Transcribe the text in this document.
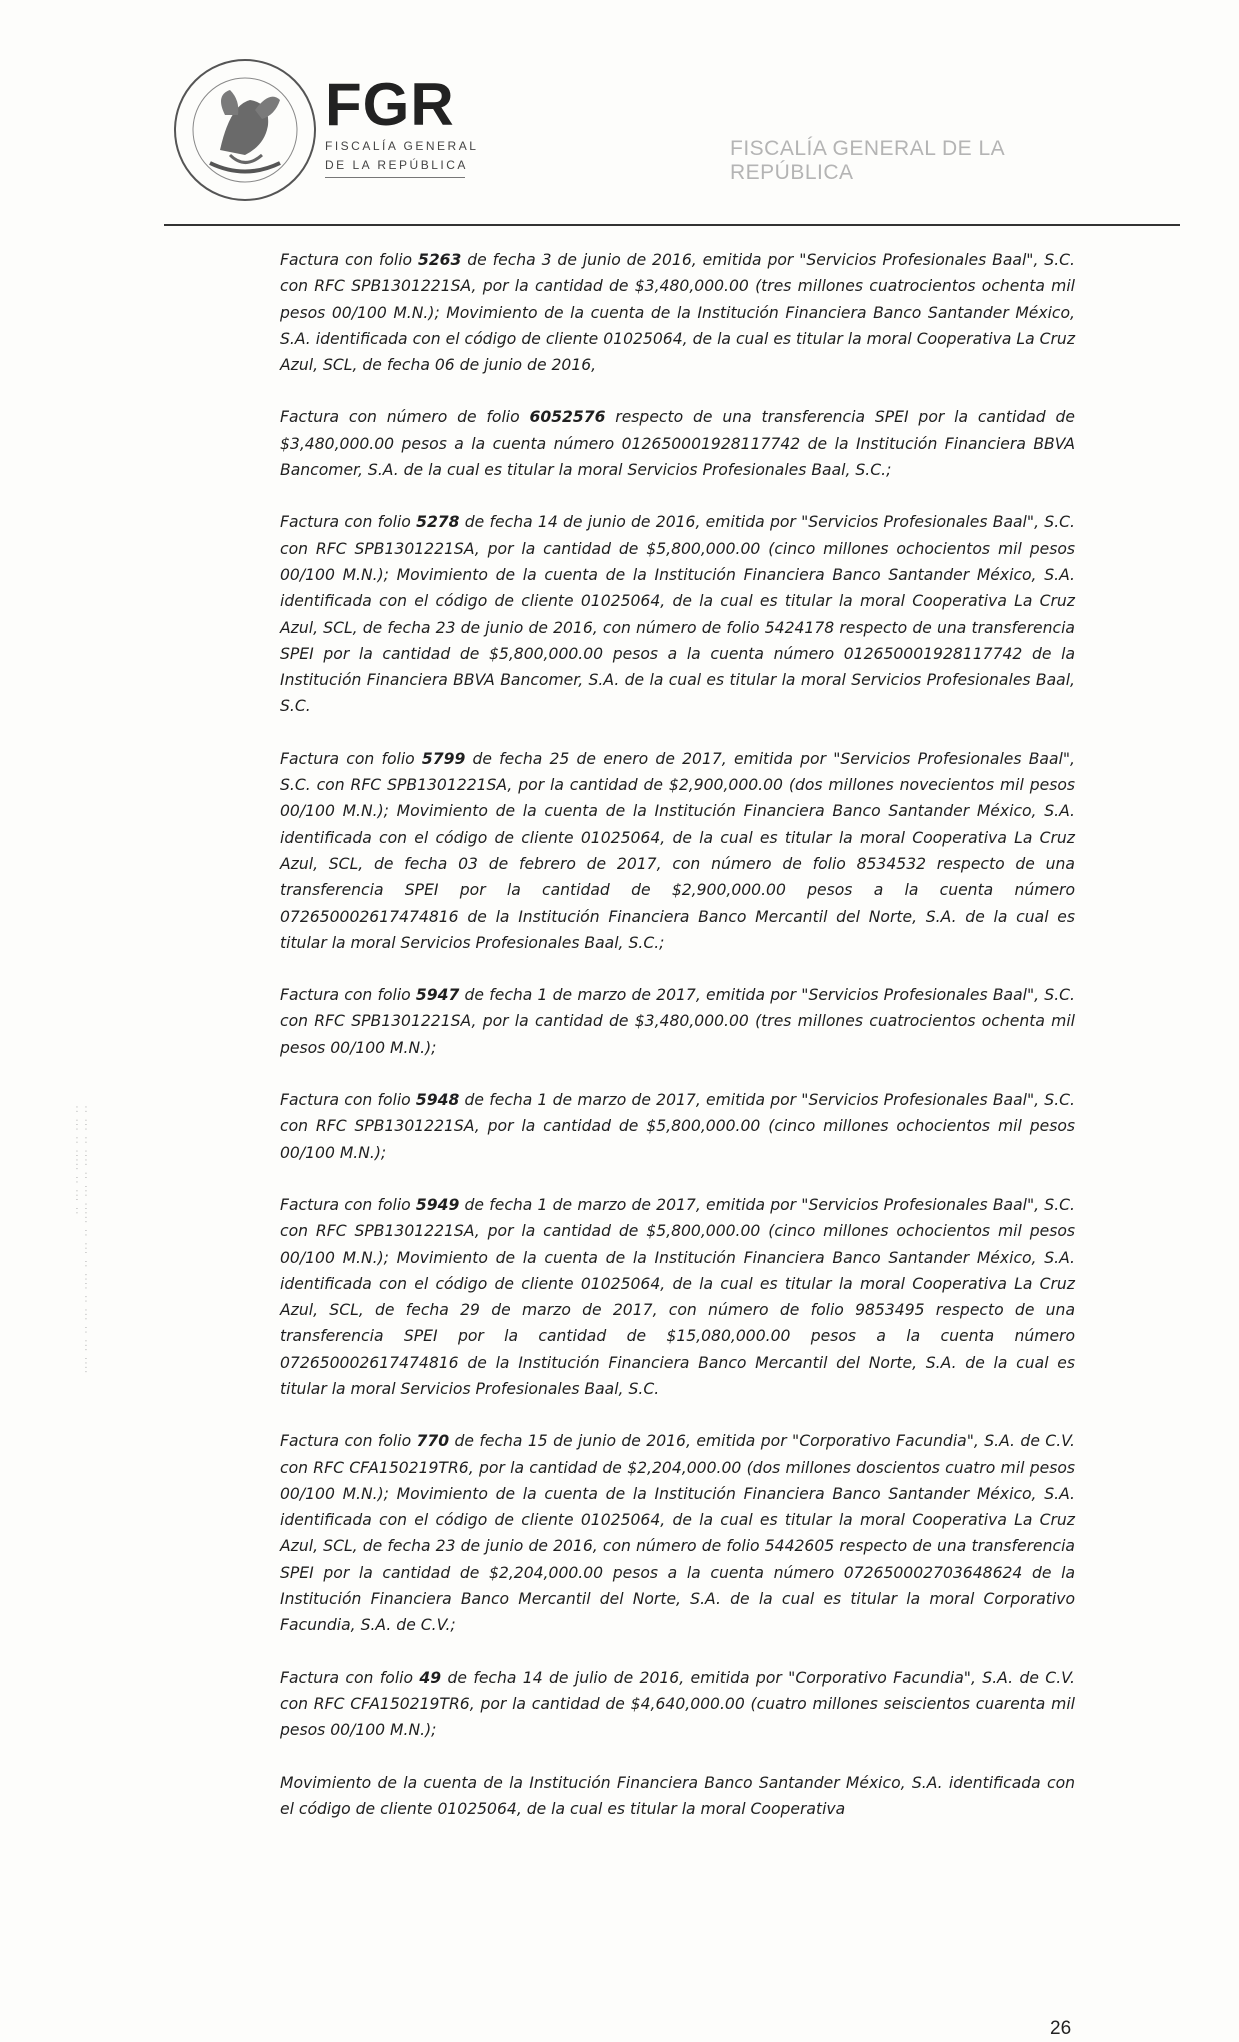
FGR
FISCALÍA GENERAL
DE LA REPÚBLICA
FISCALÍA GENERAL DE LA REPÚBLICA
·· ··· ·· ···· ·· ··· ····· ·· ··· ·· ···· ·· ··· ·· ··· ···· ·· ··· ·· ····· ·· ··· ··

Factura con folio 5263 de fecha 3 de junio de 2016, emitida por "Servicios Profesionales Baal", S.C. con RFC SPB1301221SA, por la cantidad de $3,480,000.00 (tres millones cuatrocientos ochenta mil pesos 00/100 M.N.); Movimiento de la cuenta de la Institución Financiera Banco Santander México, S.A. identificada con el código de cliente 01025064, de la cual es titular la moral Cooperativa La Cruz Azul, SCL, de fecha 06 de junio de 2016,

Factura con número de folio 6052576 respecto de una transferencia SPEI por la cantidad de $3,480,000.00 pesos a la cuenta número 012650001928117742 de la Institución Financiera BBVA Bancomer, S.A. de la cual es titular la moral Servicios Profesionales Baal, S.C.;

Factura con folio 5278 de fecha 14 de junio de 2016, emitida por "Servicios Profesionales Baal", S.C. con RFC SPB1301221SA, por la cantidad de $5,800,000.00 (cinco millones ochocientos mil pesos 00/100 M.N.); Movimiento de la cuenta de la Institución Financiera Banco Santander México, S.A. identificada con el código de cliente 01025064, de la cual es titular la moral Cooperativa La Cruz Azul, SCL, de fecha 23 de junio de 2016, con número de folio 5424178 respecto de una transferencia SPEI por la cantidad de $5,800,000.00 pesos a la cuenta número 012650001928117742 de la Institución Financiera BBVA Bancomer, S.A. de la cual es titular la moral Servicios Profesionales Baal, S.C.

Factura con folio 5799 de fecha 25 de enero de 2017, emitida por "Servicios Profesionales Baal", S.C. con RFC SPB1301221SA, por la cantidad de $2,900,000.00 (dos millones novecientos mil pesos 00/100 M.N.); Movimiento de la cuenta de la Institución Financiera Banco Santander México, S.A. identificada con el código de cliente 01025064, de la cual es titular la moral Cooperativa La Cruz Azul, SCL, de fecha 03 de febrero de 2017, con número de folio 8534532 respecto de una transferencia SPEI por la cantidad de $2,900,000.00 pesos a la cuenta número 072650002617474816 de la Institución Financiera Banco Mercantil del Norte, S.A. de la cual es titular la moral Servicios Profesionales Baal, S.C.;

Factura con folio 5947 de fecha 1 de marzo de 2017, emitida por "Servicios Profesionales Baal", S.C. con RFC SPB1301221SA, por la cantidad de $3,480,000.00 (tres millones cuatrocientos ochenta mil pesos 00/100 M.N.);

Factura con folio 5948 de fecha 1 de marzo de 2017, emitida por "Servicios Profesionales Baal", S.C. con RFC SPB1301221SA, por la cantidad de $5,800,000.00 (cinco millones ochocientos mil pesos 00/100 M.N.);

Factura con folio 5949 de fecha 1 de marzo de 2017, emitida por "Servicios Profesionales Baal", S.C. con RFC SPB1301221SA, por la cantidad de $5,800,000.00 (cinco millones ochocientos mil pesos 00/100 M.N.); Movimiento de la cuenta de la Institución Financiera Banco Santander México, S.A. identificada con el código de cliente 01025064, de la cual es titular la moral Cooperativa La Cruz Azul, SCL, de fecha 29 de marzo de 2017, con número de folio 9853495 respecto de una transferencia SPEI por la cantidad de $15,080,000.00 pesos a la cuenta número 072650002617474816 de la Institución Financiera Banco Mercantil del Norte, S.A. de la cual es titular la moral Servicios Profesionales Baal, S.C.

Factura con folio 770 de fecha 15 de junio de 2016, emitida por "Corporativo Facundia", S.A. de C.V. con RFC CFA150219TR6, por la cantidad de $2,204,000.00 (dos millones doscientos cuatro mil pesos 00/100 M.N.); Movimiento de la cuenta de la Institución Financiera Banco Santander México, S.A. identificada con el código de cliente 01025064, de la cual es titular la moral Cooperativa La Cruz Azul, SCL, de fecha 23 de junio de 2016, con número de folio 5442605 respecto de una transferencia SPEI por la cantidad de $2,204,000.00 pesos a la cuenta número 072650002703648624 de la Institución Financiera Banco Mercantil del Norte, S.A. de la cual es titular la moral Corporativo Facundia, S.A. de C.V.;

Factura con folio 49 de fecha 14 de julio de 2016, emitida por "Corporativo Facundia", S.A. de C.V. con RFC CFA150219TR6, por la cantidad de $4,640,000.00 (cuatro millones seiscientos cuarenta mil pesos 00/100 M.N.);

Movimiento de la cuenta de la Institución Financiera Banco Santander México, S.A. identificada con el código de cliente 01025064, de la cual es titular la moral Cooperativa

26
